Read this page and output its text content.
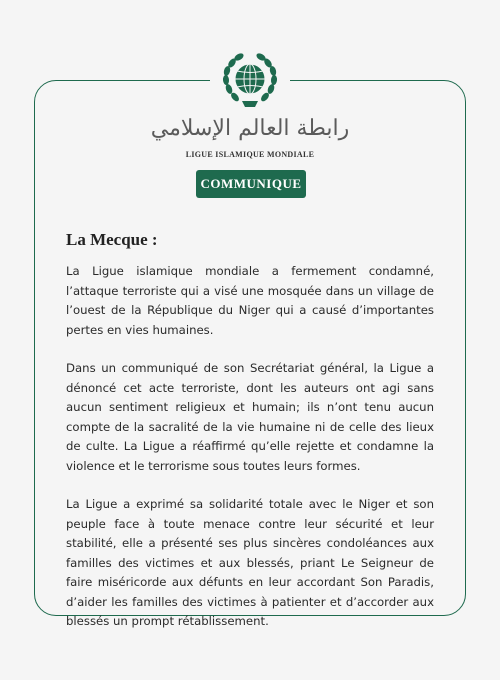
رابطة العالم الإسلامي
LIGUE ISLAMIQUE MONDIALE
COMMUNIQUE
La Mecque :

La Ligue islamique mondiale a fermement condamné, l’attaque terroriste qui a visé une mosquée dans un village de l’ouest de la République du Niger qui a causé d’importantes pertes en vies humaines.

Dans un communiqué de son Secrétariat général, la Ligue a dénoncé cet acte terroriste, dont les auteurs ont agi sans aucun sentiment religieux et humain; ils n’ont tenu aucun compte de la sacralité de la vie humaine ni de celle des lieux de culte. La Ligue a réaffirmé qu’elle rejette et condamne la violence et le terrorisme sous toutes leurs formes.

La Ligue a exprimé sa solidarité totale avec le Niger et son peuple face à toute menace contre leur sécurité et leur stabilité, elle a présenté ses plus sincères condoléances aux familles des victimes et aux blessés, priant Le Seigneur de faire miséricorde aux défunts en leur accordant Son Paradis, d’aider les familles des victimes à patienter et d’accorder aux blessés un prompt rétablissement.
